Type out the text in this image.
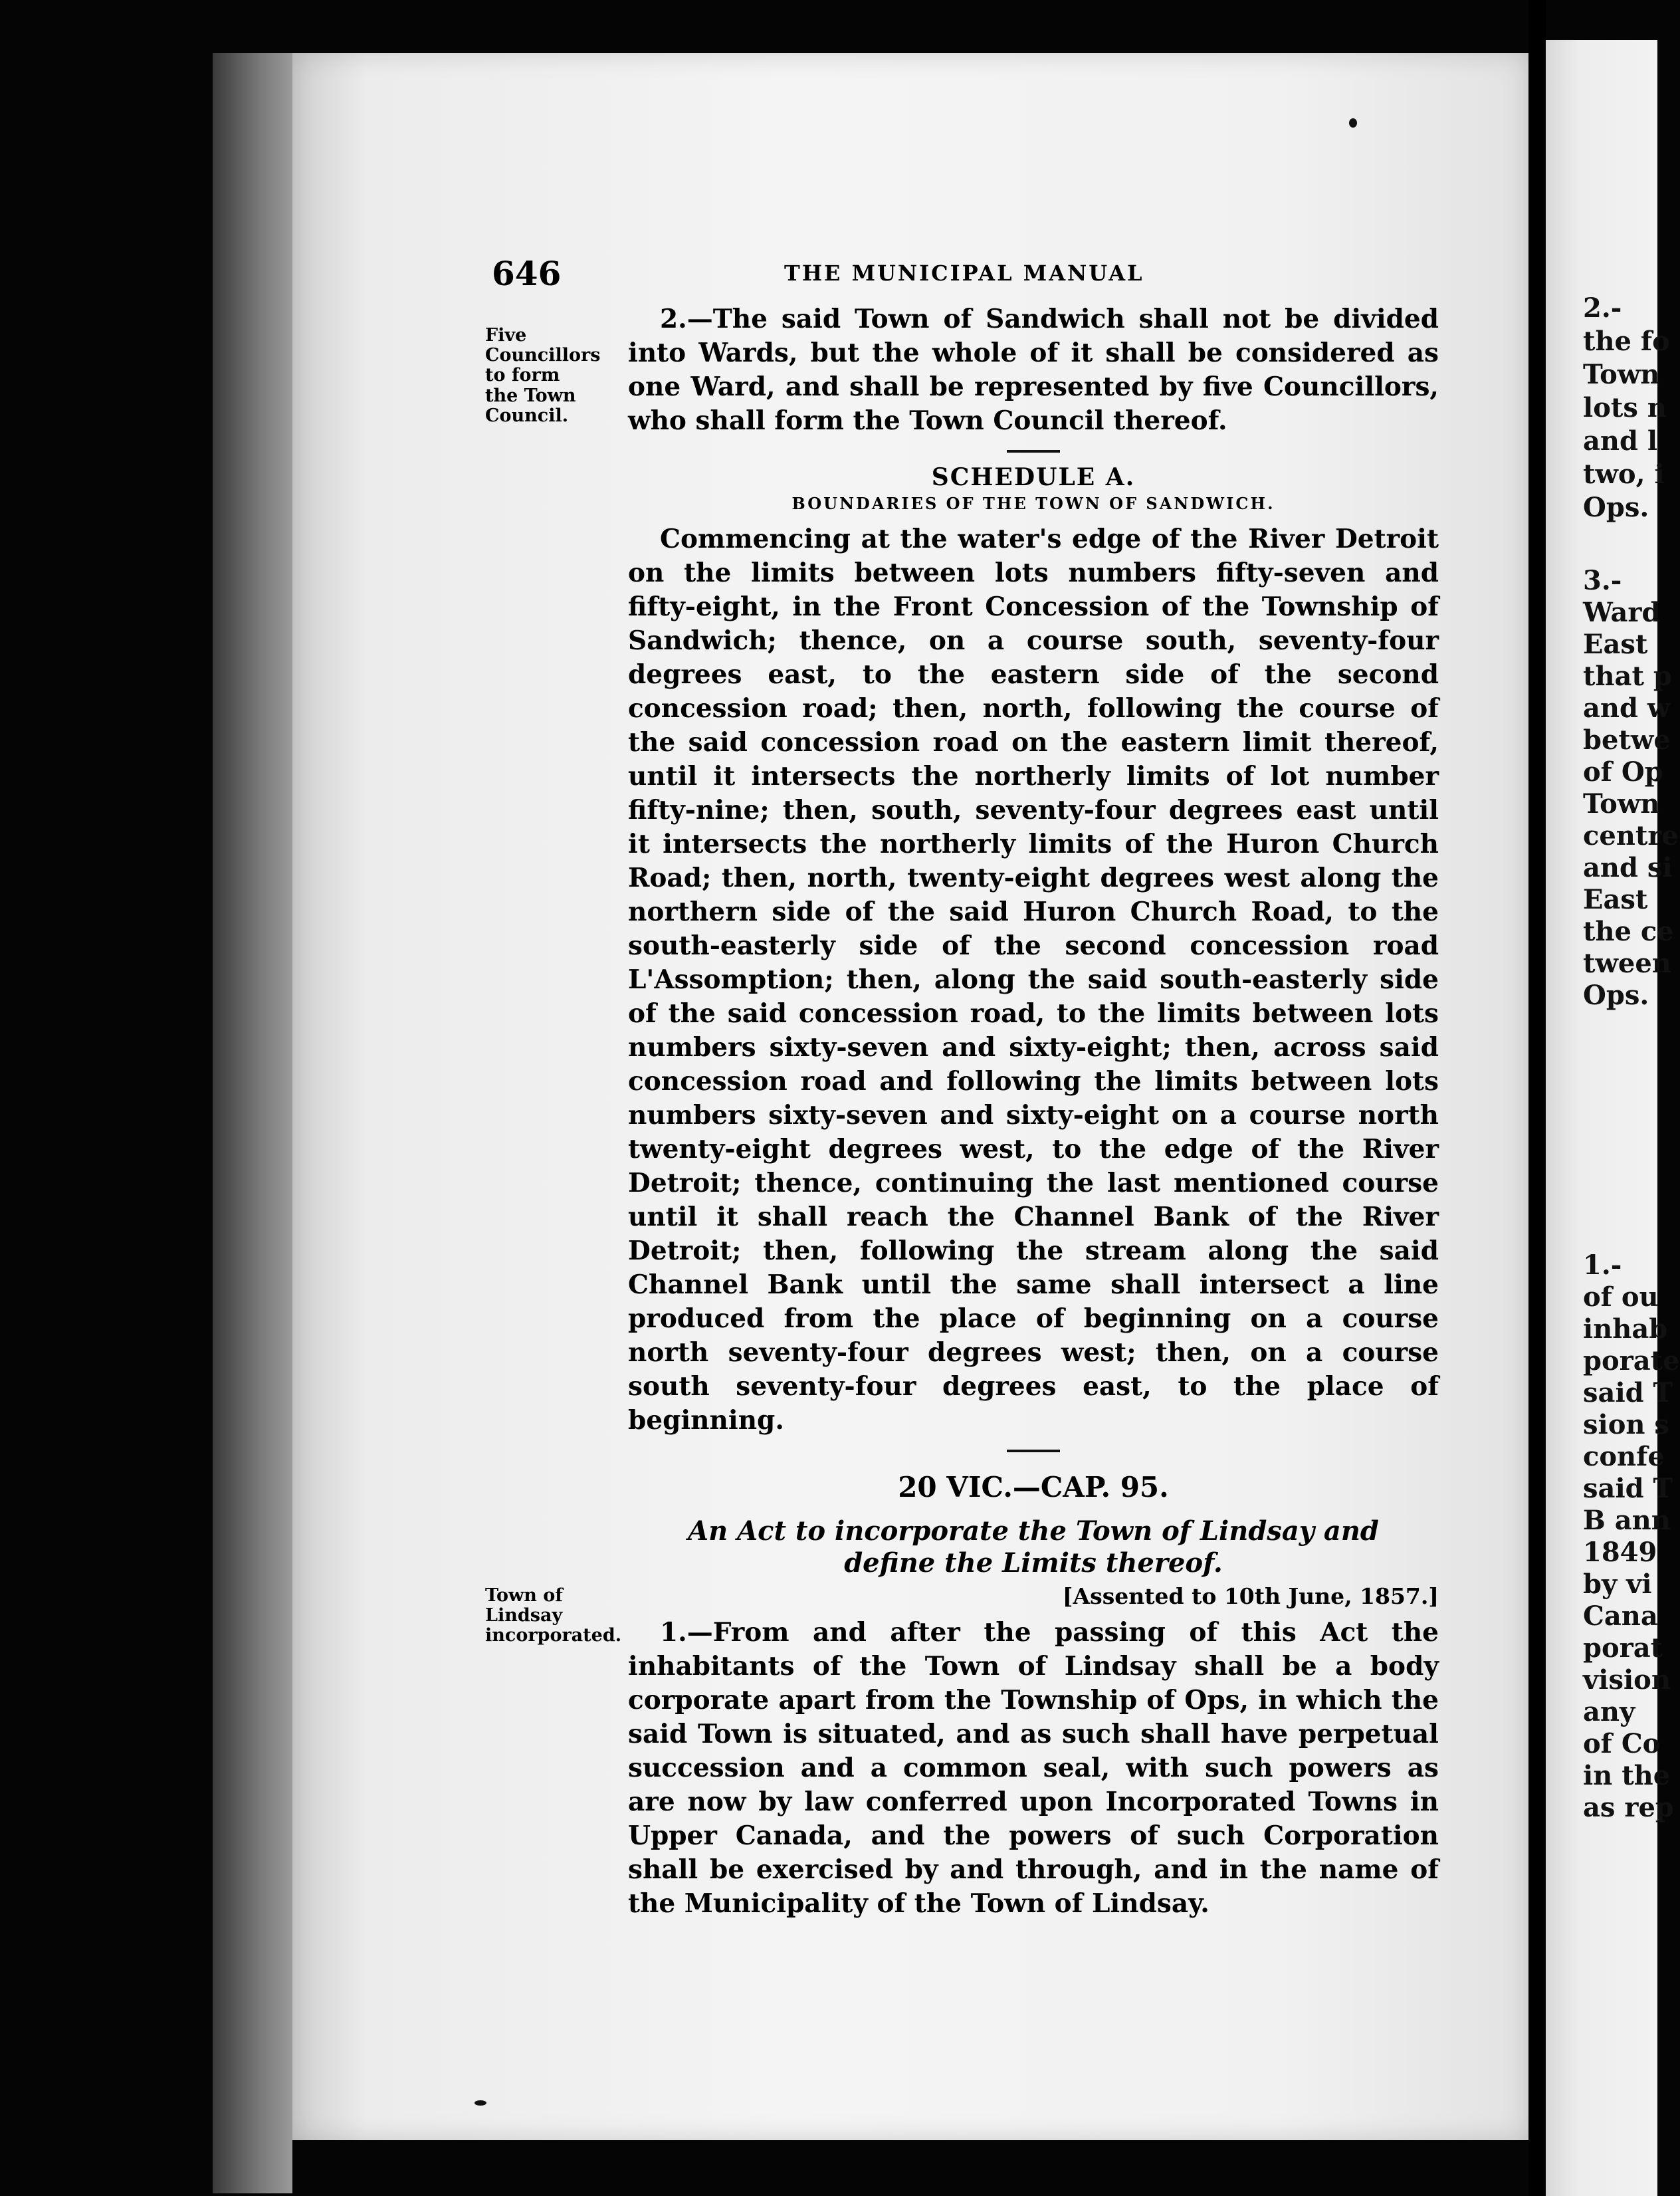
646	THE MUNICIPAL MANUAL
Five Councillors to form the Town Council.
Town of Lindsay incorporated.

2.—The said Town of Sandwich shall not be divided into Wards, but the whole of it shall be considered as one Ward, and shall be represented by five Councillors, who shall form the Town Council thereof.

SCHEDULE A.

BOUNDARIES OF THE TOWN OF SANDWICH.

Commencing at the water's edge of the River Detroit on the limits between lots numbers fifty-seven and fifty-eight, in the Front Concession of the Township of Sandwich; thence, on a course south, seventy-four degrees east, to the eastern side of the second concession road; then, north, following the course of the said concession road on the eastern limit thereof, until it intersects the northerly limits of lot number fifty-nine; then, south, seventy-four degrees east until it intersects the northerly limits of the Huron Church Road; then, north, twenty-eight degrees west along the northern side of the said Huron Church Road, to the south-easterly side of the second concession road L'Assomption; then, along the said south-easterly side of the said concession road, to the limits between lots numbers sixty-seven and sixty-eight; then, across said concession road and following the limits between lots numbers sixty-seven and sixty-eight on a course north twenty-eight degrees west, to the edge of the River Detroit; thence, continuing the last mentioned course until it shall reach the Channel Bank of the River Detroit; then, following the stream along the said Channel Bank until the same shall intersect a line produced from the place of beginning on a course north seventy-four degrees west; then, on a course south seventy-four degrees east, to the place of beginning.

20 VIC.—CAP. 95.

An Act to incorporate the Town of Lindsay and define the Limits thereof.

[Assented to 10th June, 1857.]

1.—From and after the passing of this Act the inhabitants of the Town of Lindsay shall be a body corporate apart from the Township of Ops, in which the said Town is situated, and as such shall have perpetual succession and a common seal, with such powers as are now by law conferred upon Incorporated Towns in Upper Canada, and the powers of such Corporation shall be exercised by and through, and in the name of the Municipality of the Town of Lindsay.

2.-
the fo
Town
lots n
and l
two, i
Ops.
3.-
Ward
East
that p
and w
betwe
of Op
Town
centre
and si
East
the ce
tween
Ops.
1.-
of ou
inhab
porate
said T
sion s
confe
said T
B ann
1849
by vi
Cana
porat
vision
any
of Co
in the
as rep
